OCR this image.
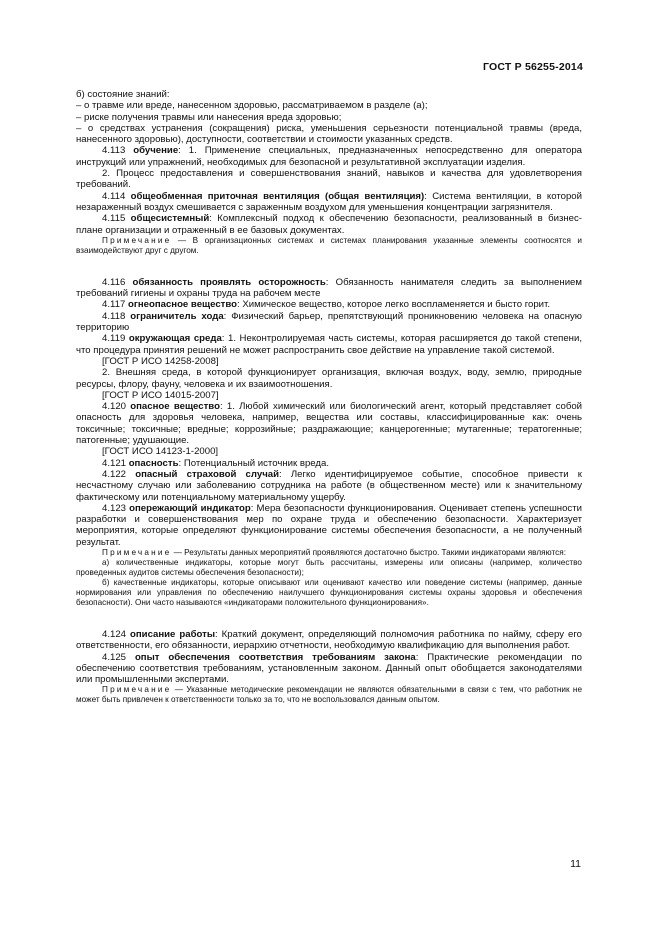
ГОСТ Р 56255-2014

б) состояние знаний:

– о травме или вреде, нанесенном здоровью, рассматриваемом в разделе (а);

– риске получения травмы или нанесения вреда здоровью;

– о средствах устранения (сокращения) риска, уменьшения серьезности потенциальной травмы (вреда, нанесенного здоровью), доступности, соответствии и стоимости указанных средств.

4.113 обучение: 1. Применение специальных, предназначенных непосредственно для оператора инструкций или упражнений, необходимых для безопасной и результативной эксплуатации изделия.

2. Процесс предоставления и совершенствования знаний, навыков и качества для удовлетворения требований.

4.114 общеобменная приточная вентиляция (общая вентиляция): Система вентиляции, в которой незараженный воздух смешивается с зараженным воздухом для уменьшения концентрации загрязнителя.

4.115 общесистемный: Комплексный подход к обеспечению безопасности, реализованный в бизнес-плане организации и отраженный в ее базовых документах.

Примечание — В организационных системах и системах планирования указанные элементы соотносятся и взаимодействуют друг с другом.

4.116 обязанность проявлять осторожность: Обязанность нанимателя следить за выполнением требований гигиены и охраны труда на рабочем месте

4.117 огнеопасное вещество: Химическое вещество, которое легко воспламеняется и бысто горит.

4.118 ограничитель хода: Физический барьер, препятствующий проникновению человека на опасную территорию

4.119 окружающая среда: 1. Неконтролируемая часть системы, которая расширяется до такой степени, что процедура принятия решений не может распространить свое действие на управление такой системой.

[ГОСТ Р ИСО 14258-2008]

2. Внешняя среда, в которой функционирует организация, включая воздух, воду, землю, природные ресурсы, флору, фауну, человека и их взаимоотношения.

[ГОСТ Р ИСО 14015-2007]

4.120 опасное вещество: 1. Любой химический или биологический агент, который представляет собой опасность для здоровья человека, например, вещества или составы, классифицированные как: очень токсичные; токсичные; вредные; коррозийные; раздражающие; канцерогенные; мутагенные; тератогенные; патогенные; удушающие.

[ГОСТ ИСО 14123-1-2000]

4.121 опасность: Потенциальный источник вреда.

4.122 опасный страховой случай: Легко идентифицируемое событие, способное привести к несчастному случаю или заболеванию сотрудника на работе (в общественном месте) или к значительному фактическому или потенциальному материальному ущербу.

4.123 опережающий индикатор: Мера безопасности функционирования. Оценивает степень успешности разработки и совершенствования мер по охране труда и обеспечению безопасности. Характеризует мероприятия, которые определяют функционирование системы обеспечения безопасности, а не полученный результат.

Примечание — Результаты данных мероприятий проявляются достаточно быстро. Такими индикаторами являются:

а) количественные индикаторы, которые могут быть рассчитаны, измерены или описаны (например, количество проведенных аудитов системы обеспечения безопасности);

б) качественные индикаторы, которые описывают или оценивают качество или поведение системы (например, данные нормирования или управления по обеспечению наилучшего функционирования системы охраны здоровья и обеспечения безопасности). Они часто называются «индикаторами положительного функционирования».

4.124 описание работы: Краткий документ, определяющий полномочия работника по найму, сферу его ответственности, его обязанности, иерархию отчетности, необходимую квалификацию для выполнения работ.

4.125 опыт обеспечения соответствия требованиям закона: Практические рекомендации по обеспечению соответствия требованиям, установленным законом. Данный опыт обобщается законодателями или промышленными экспертами.

Примечание — Указанные методические рекомендации не являются обязательными в связи с тем, что работник не может быть привлечен к ответственности только за то, что не воспользовался данным опытом.

11
